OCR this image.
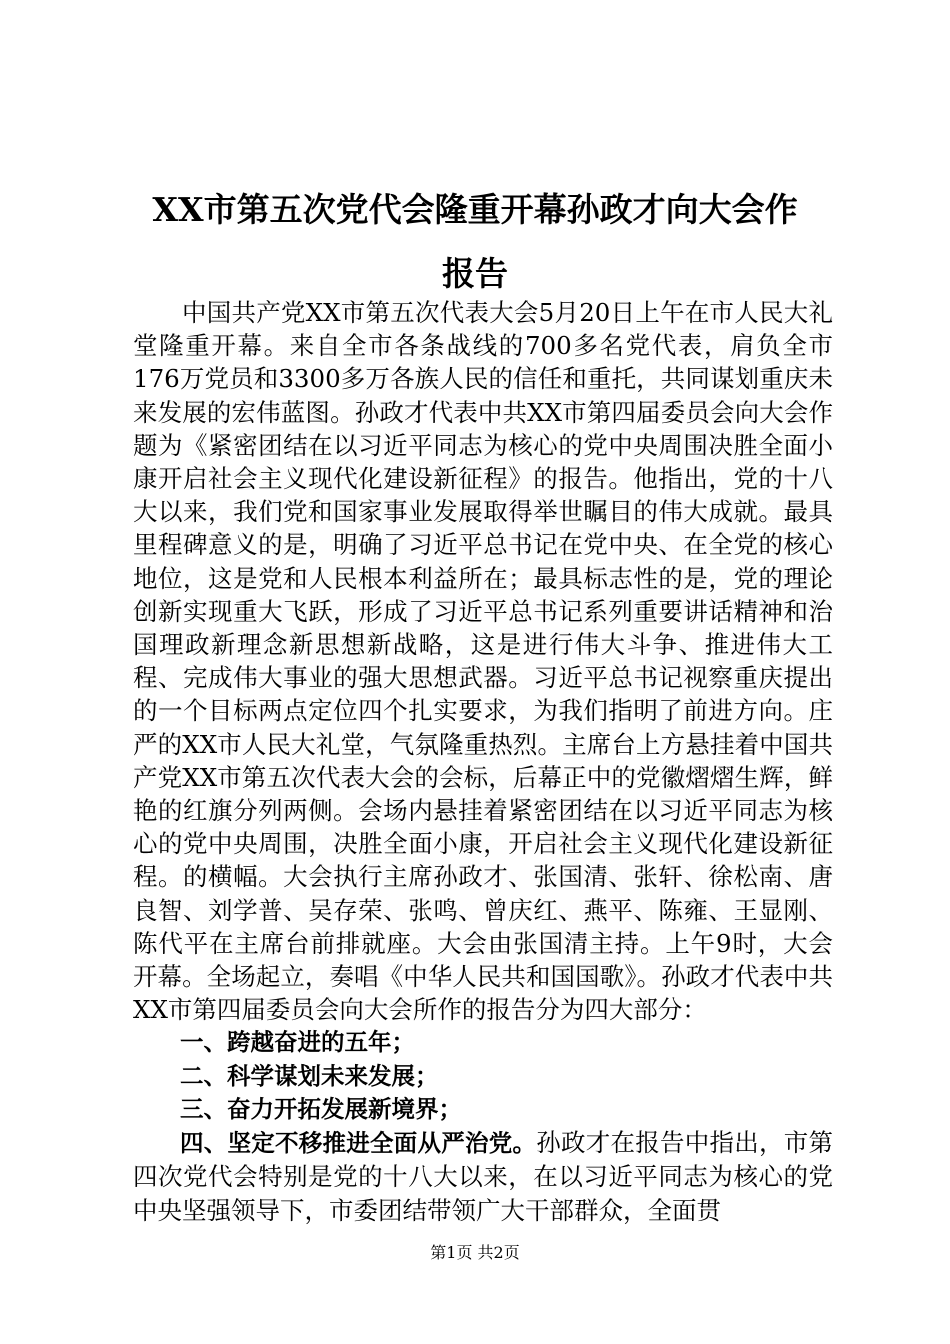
XX市第五次党代会隆重开幕孙政才向大会作
报告

中国共产党XX市第五次代表大会5月20日上午在市人民大礼堂隆重开幕。来自全市各条战线的700多名党代表，肩负全市176万党员和3300多万各族人民的信任和重托，共同谋划重庆未来发展的宏伟蓝图。孙政才代表中共XX市第四届委员会向大会作题为《紧密团结在以习近平同志为核心的党中央周围决胜全面小康开启社会主义现代化建设新征程》的报告。他指出，党的十八大以来，我们党和国家事业发展取得举世瞩目的伟大成就。最具里程碑意义的是，明确了习近平总书记在党中央、在全党的核心地位，这是党和人民根本利益所在；最具标志性的是，党的理论创新实现重大飞跃，形成了习近平总书记系列重要讲话精神和治国理政新理念新思想新战略，这是进行伟大斗争、推进伟大工程、完成伟大事业的强大思想武器。习近平总书记视察重庆提出的一个目标两点定位四个扎实要求，为我们指明了前进方向。庄严的XX市人民大礼堂，气氛隆重热烈。主席台上方悬挂着中国共产党XX市第五次代表大会的会标，后幕正中的党徽熠熠生辉，鲜艳的红旗分列两侧。会场内悬挂着紧密团结在以习近平同志为核心的党中央周围，决胜全面小康，开启社会主义现代化建设新征程。的横幅。大会执行主席孙政才、张国清、张轩、徐松南、唐良智、刘学普、吴存荣、张鸣、曾庆红、燕平、陈雍、王显刚、陈代平在主席台前排就座。大会由张国清主持。上午9时，大会开幕。全场起立，奏唱《中华人民共和国国歌》。孙政才代表中共XX市第四届委员会向大会所作的报告分为四大部分：

一、跨越奋进的五年；

二、科学谋划未来发展；

三、奋力开拓发展新境界；

四、坚定不移推进全面从严治党。孙政才在报告中指出，市第四次党代会特别是党的十八大以来，在以习近平同志为核心的党中央坚强领导下，市委团结带领广大干部群众，全面贯

第1页 共2页
